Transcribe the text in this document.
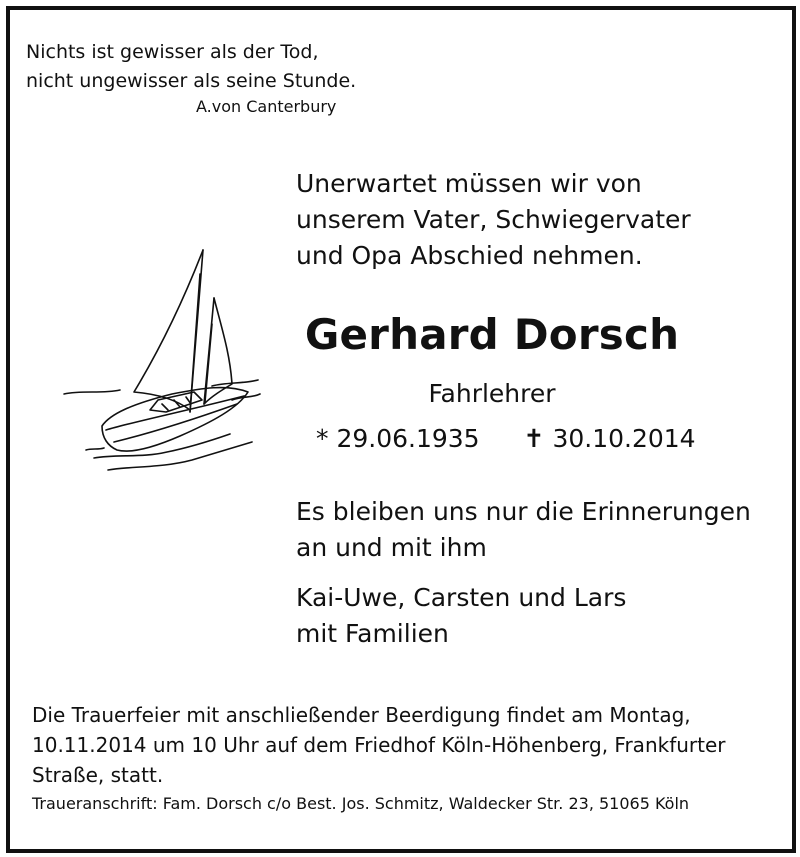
Nichts ist gewisser als der Tod,
nicht ungewisser als seine Stunde.
A.von Canterbury
Unerwartet müssen wir von
unserem Vater, Schwiegervater
und Opa Abschied nehmen.
Gerhard Dorsch
Fahrlehrer
* 29.06.1935 ✝ 30.10.2014
Es bleiben uns nur die Erinnerungen
an und mit ihm
Kai-Uwe, Carsten und Lars
mit Familien
Die Trauerfeier mit anschließender Beerdigung findet am Montag,
10.11.2014 um 10 Uhr auf dem Friedhof Köln-Höhenberg, Frankfurter
Straße, statt.
Traueranschrift: Fam. Dorsch c/o Best. Jos. Schmitz, Waldecker Str. 23, 51065 Köln
